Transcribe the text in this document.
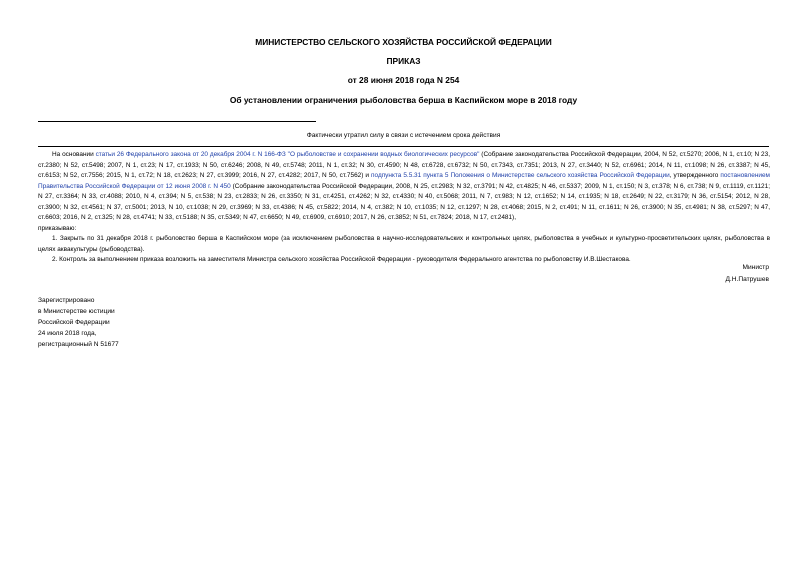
МИНИСТЕРСТВО СЕЛЬСКОГО ХОЗЯЙСТВА РОССИЙСКОЙ ФЕДЕРАЦИИ
ПРИКАЗ
от 28 июня 2018 года N 254
Об установлении ограничения рыболовства берша в Каспийском море в 2018 году
Фактически утратил силу в связи с истечением срока действия

На основании статьи 26 Федерального закона от 20 декабря 2004 г. N 166-ФЗ "О рыболовстве и сохранении водных биологических ресурсов" (Собрание законодательства Российской Федерации, 2004, N 52, ст.5270; 2006, N 1, ст.10; N 23, ст.2380; N 52, ст.5498; 2007, N 1, ст.23; N 17, ст.1933; N 50, ст.6246; 2008, N 49, ст.5748; 2011, N 1, ст.32; N 30, ст.4590; N 48, ст.6728, ст.6732; N 50, ст.7343, ст.7351; 2013, N 27, ст.3440; N 52, ст.6961; 2014, N 11, ст.1098; N 26, ст.3387; N 45, ст.6153; N 52, ст.7556; 2015, N 1, ст.72; N 18, ст.2623; N 27, ст.3999; 2016, N 27, ст.4282; 2017, N 50, ст.7562) и подпункта 5.5.31 пункта 5 Положения о Министерстве сельского хозяйства Российской Федерации, утвержденного постановлением Правительства Российской Федерации от 12 июня 2008 г. N 450 (Собрание законодательства Российской Федерации, 2008, N 25, ст.2983; N 32, ст.3791; N 42, ст.4825; N 46, ст.5337; 2009, N 1, ст.150; N 3, ст.378; N 6, ст.738; N 9, ст.1119, ст.1121; N 27, ст.3364; N 33, ст.4088; 2010, N 4, ст.394; N 5, ст.538; N 23, ст.2833; N 26, ст.3350; N 31, ст.4251, ст.4262; N 32, ст.4330; N 40, ст.5068; 2011, N 7, ст.983; N 12, ст.1652; N 14, ст.1935; N 18, ст.2649; N 22, ст.3179; N 36, ст.5154; 2012, N 28, ст.3900; N 32, ст.4561; N 37, ст.5001; 2013, N 10, ст.1038; N 29, ст.3969; N 33, ст.4386; N 45, ст.5822; 2014, N 4, ст.382; N 10, ст.1035; N 12, ст.1297; N 28, ст.4068; 2015, N 2, ст.491; N 11, ст.1611; N 26, ст.3900; N 35, ст.4981; N 38, ст.5297; N 47, ст.6603; 2016, N 2, ст.325; N 28, ст.4741; N 33, ст.5188; N 35, ст.5349; N 47, ст.6650; N 49, ст.6909, ст.6910; 2017, N 26, ст.3852; N 51, ст.7824; 2018, N 17, ст.2481),

приказываю:

1. Закрыть по 31 декабря 2018 г. рыболовство берша в Каспийском море (за исключением рыболовства в научно-исследовательских и контрольных целях, рыболовства в учебных и культурно-просветительских целях, рыболовства в целях аквакультуры (рыбоводства).

2. Контроль за выполнением приказа возложить на заместителя Министра сельского хозяйства Российской Федерации - руководителя Федерального агентства по рыболовству И.В.Шестакова.

Министр
Д.Н.Патрушев
Зарегистрировано
в Министерстве юстиции
Российской Федерации
24 июля 2018 года,
регистрационный N 51677
